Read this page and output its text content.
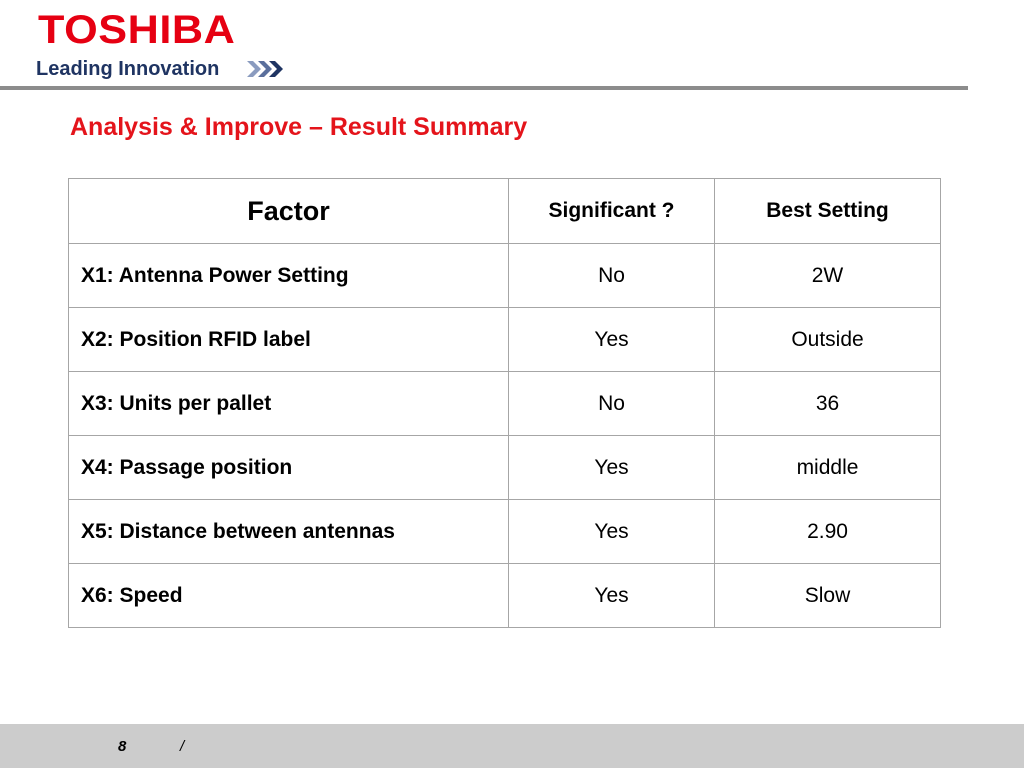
TOSHIBA
Leading Innovation
Analysis & Improve – Result Summary
Factor	Significant ?	Best Setting
X1: Antenna Power Setting	No	2W
X2: Position RFID label	Yes	Outside
X3: Units per pallet	No	36
X4: Passage position	Yes	middle
X5: Distance between antennas	Yes	2.90
X6: Speed	Yes	Slow
8	/
